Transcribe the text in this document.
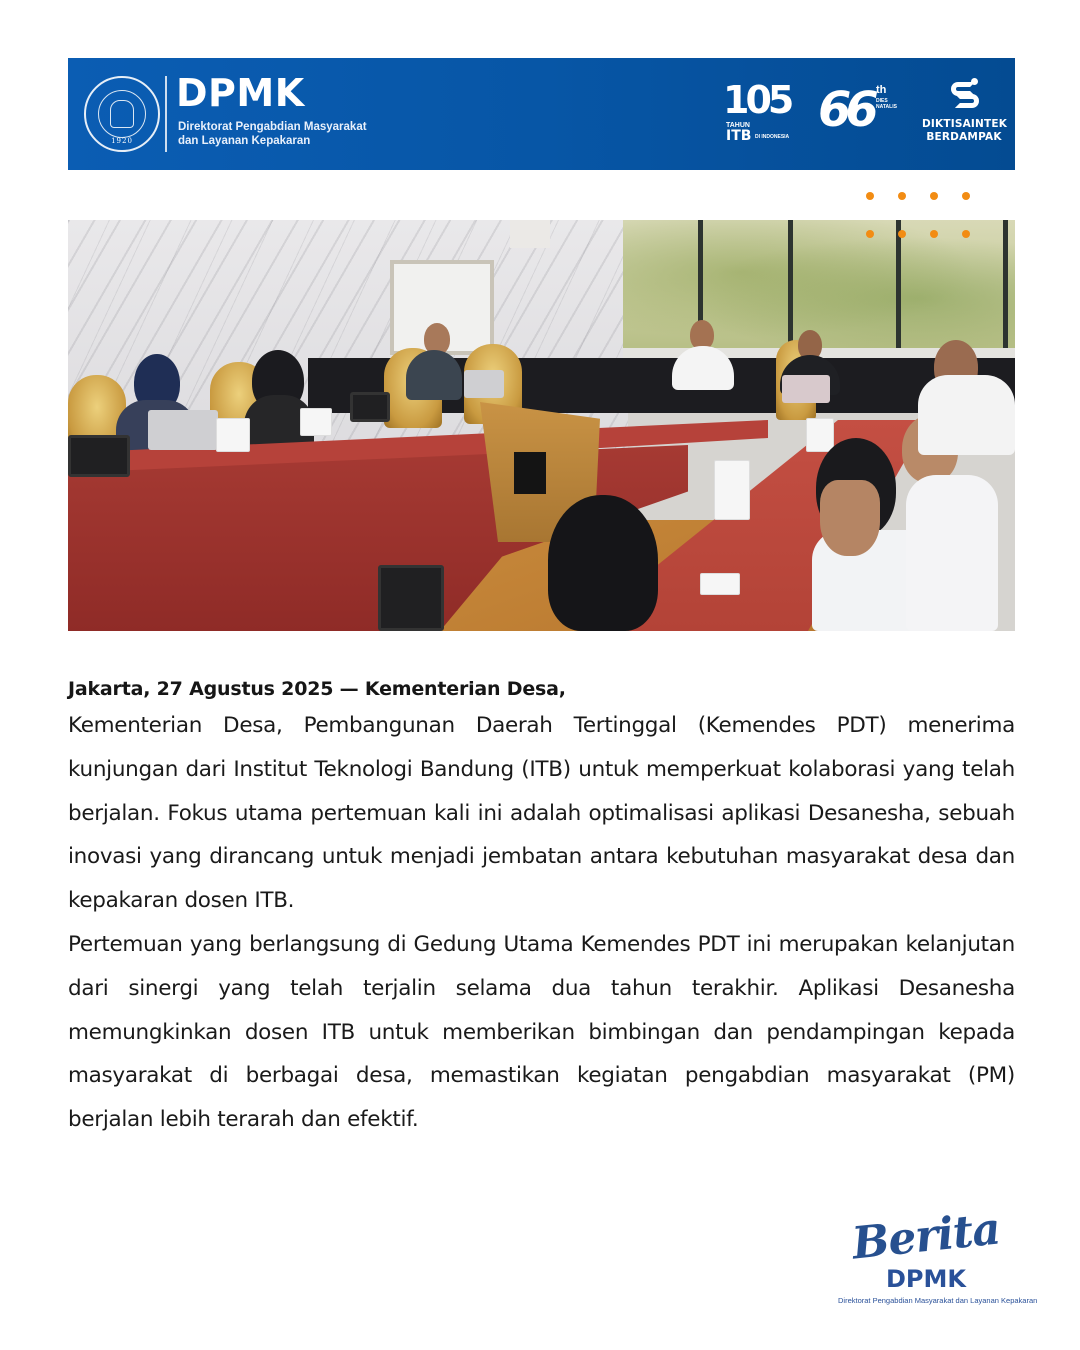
1920
DPMK
Direktorat Pengabdian Masyarakat
dan Layanan Kepakaran
105
TAHUN
ITB DI INDONESIA 66 th
DIES NATALIS
DIKTISAINTEK
BERDAMPAK
Jakarta, 27 Agustus 2025 — Kementerian Desa,

Kementerian Desa, Pembangunan Daerah Tertinggal (Kemendes PDT) menerima kunjungan dari Institut Teknologi Bandung (ITB) untuk memperkuat kolaborasi yang telah berjalan. Fokus utama pertemuan kali ini adalah optimalisasi aplikasi Desanesha, sebuah inovasi yang dirancang untuk menjadi jembatan antara kebutuhan masyarakat desa dan kepakaran dosen ITB.

Pertemuan yang berlangsung di Gedung Utama Kemendes PDT ini merupakan kelanjutan dari sinergi yang telah terjalin selama dua tahun terakhir. Aplikasi Desanesha memungkinkan dosen ITB untuk memberikan bimbingan dan pendampingan kepada masyarakat di berbagai desa, memastikan kegiatan pengabdian masyarakat (PM) berjalan lebih terarah dan efektif.

Berita
DPMK
Direktorat Pengabdian Masyarakat dan Layanan Kepakaran
